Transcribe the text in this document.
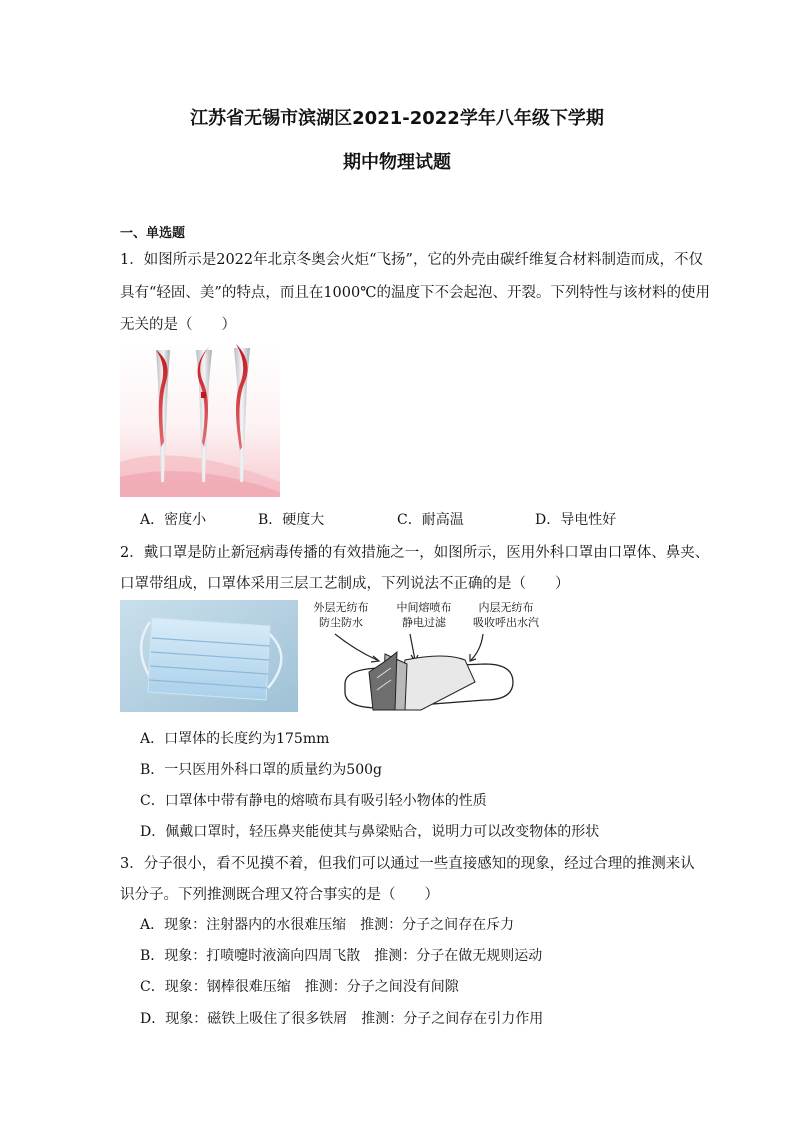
江苏省无锡市滨湖区2021-2022学年八年级下学期
期中物理试题
一、单选题
1．如图所示是2022年北京冬奥会火炬“飞扬”，它的外壳由碳纤维复合材料制造而成，不仅
具有“轻固、美”的特点，而且在1000℃的温度下不会起泡、开裂。下列特性与该材料的使用
无关的是（　　）
A．密度小	B．硬度大	C．耐高温	D．导电性好
2．戴口罩是防止新冠病毒传播的有效措施之一，如图所示，医用外科口罩由口罩体、鼻夹、
口罩带组成，口罩体采用三层工艺制成，下列说法不正确的是（　　）
外层无纺布
防尘防水
中间熔喷布
静电过滤
内层无纺布
吸收呼出水汽
A．口罩体的长度约为175mm
B．一只医用外科口罩的质量约为500g
C．口罩体中带有静电的熔喷布具有吸引轻小物体的性质
D．佩戴口罩时，轻压鼻夹能使其与鼻梁贴合，说明力可以改变物体的形状
3．分子很小，看不见摸不着，但我们可以通过一些直接感知的现象，经过合理的推测来认
识分子。下列推测既合理又符合事实的是（　　）
A．现象：注射器内的水很难压缩　推测：分子之间存在斥力
B．现象：打喷嚏时液滴向四周飞散　推测：分子在做无规则运动
C．现象：钢棒很难压缩　推测：分子之间没有间隙
D．现象：磁铁上吸住了很多铁屑　推测：分子之间存在引力作用
